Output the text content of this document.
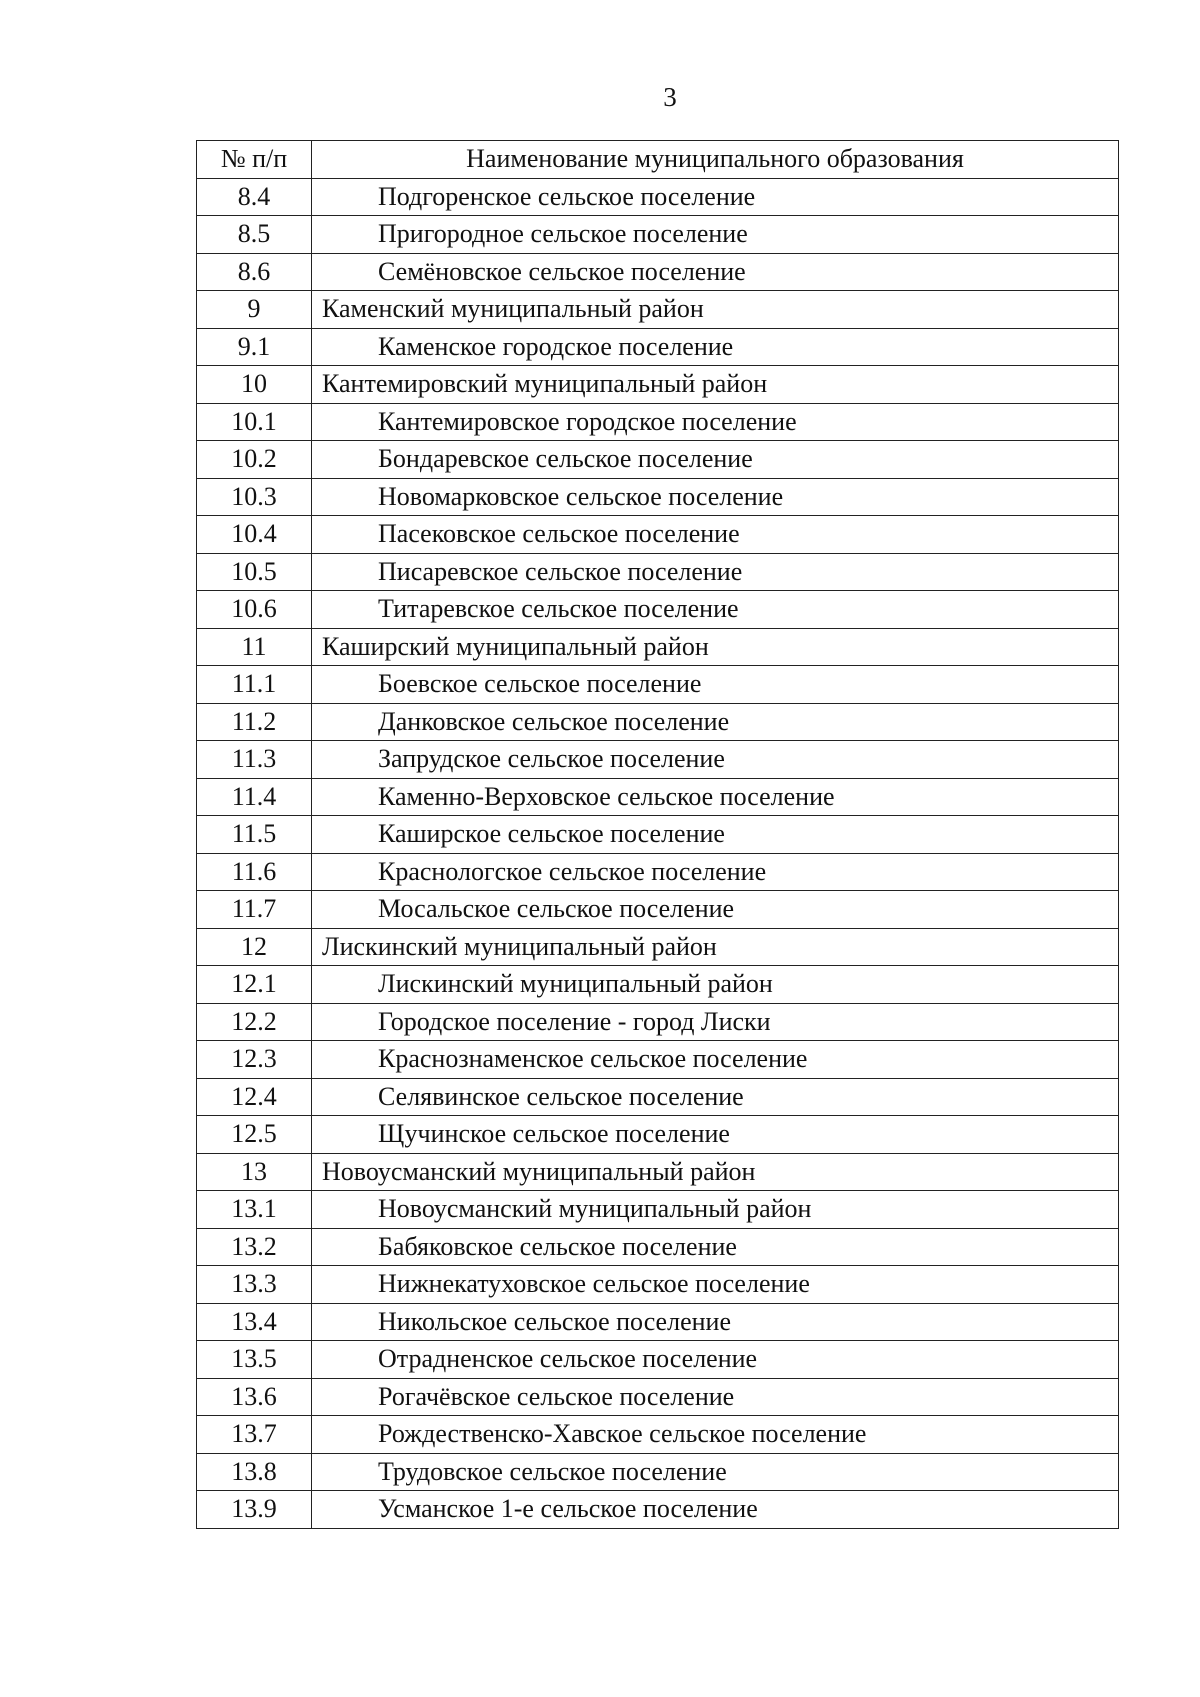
3
№ п/п	Наименование муниципального образования
8.4	Подгоренское сельское поселение
8.5	Пригородное сельское поселение
8.6	Семёновское сельское поселение
9	Каменский муниципальный район
9.1	Каменское городское поселение
10	Кантемировский муниципальный район
10.1	Кантемировское городское поселение
10.2	Бондаревское сельское поселение
10.3	Новомарковское сельское поселение
10.4	Пасековское сельское поселение
10.5	Писаревское сельское поселение
10.6	Титаревское сельское поселение
11	Каширский муниципальный район
11.1	Боевское сельское поселение
11.2	Данковское сельское поселение
11.3	Запрудское сельское поселение
11.4	Каменно-Верховское сельское поселение
11.5	Каширское сельское поселение
11.6	Краснологское сельское поселение
11.7	Мосальское сельское поселение
12	Лискинский муниципальный район
12.1	Лискинский муниципальный район
12.2	Городское поселение - город Лиски
12.3	Краснознаменское сельское поселение
12.4	Селявинское сельское поселение
12.5	Щучинское сельское поселение
13	Новоусманский муниципальный район
13.1	Новоусманский муниципальный район
13.2	Бабяковское сельское поселение
13.3	Нижнекатуховское сельское поселение
13.4	Никольское сельское поселение
13.5	Отрадненское сельское поселение
13.6	Рогачёвское сельское поселение
13.7	Рождественско-Хавское сельское поселение
13.8	Трудовское сельское поселение
13.9	Усманское 1-е сельское поселение
